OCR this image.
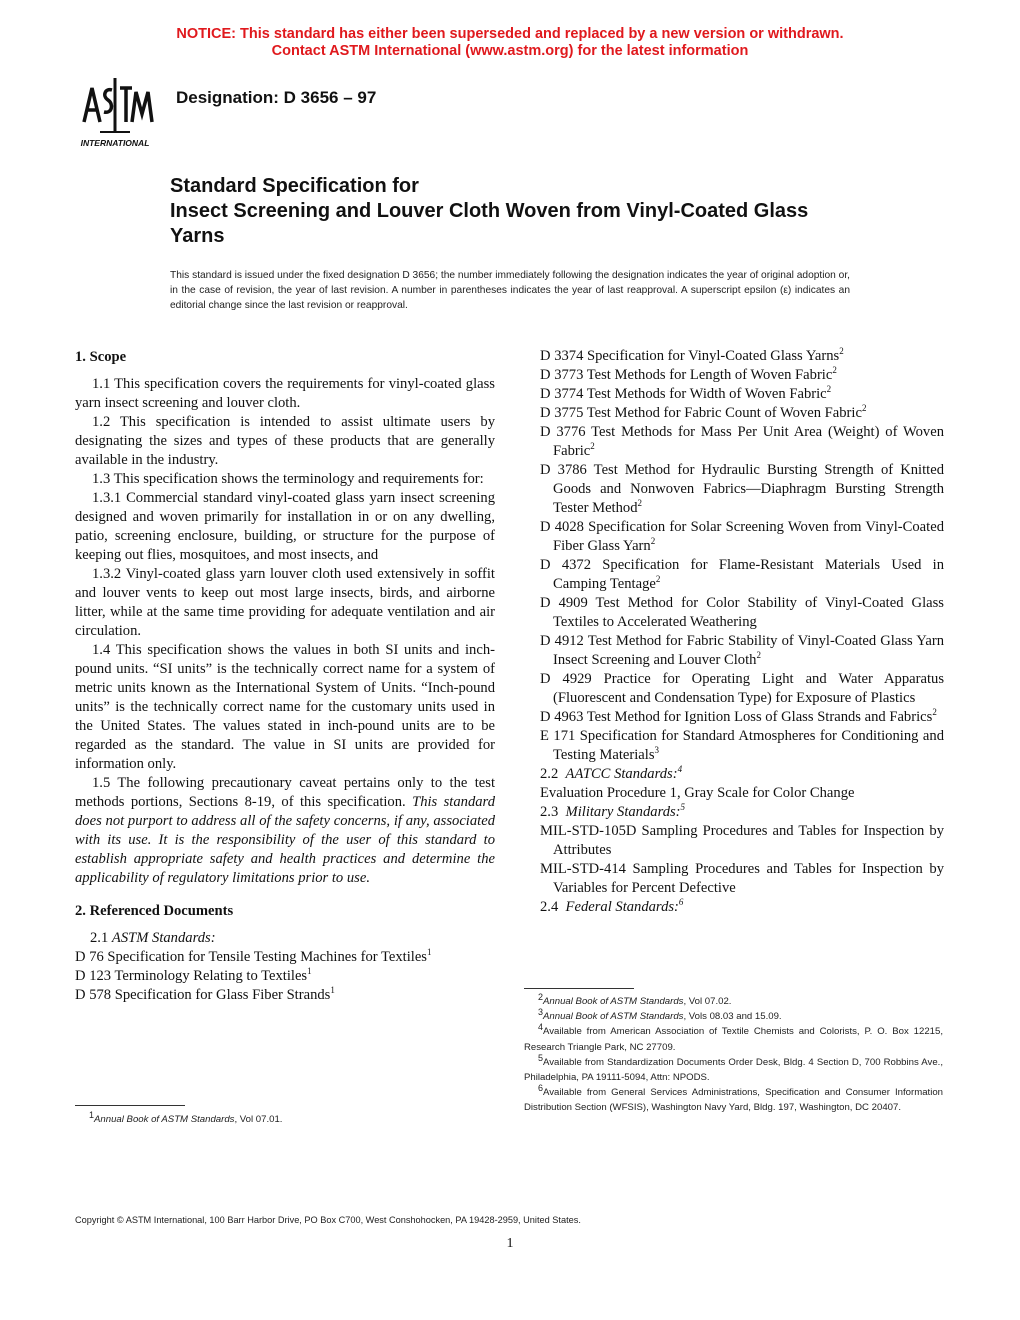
NOTICE: This standard has either been superseded and replaced by a new version or withdrawn.
Contact ASTM International (www.astm.org) for the latest information
INTERNATIONAL
ASTM	Designation: D 3656 – 97
Standard Specification for
Insect Screening and Louver Cloth Woven from Vinyl-Coated Glass Yarns
This standard is issued under the fixed designation D 3656; the number immediately following the designation indicates the year of original adoption or, in the case of revision, the year of last revision. A number in parentheses indicates the year of last reapproval. A superscript epsilon (ε) indicates an editorial change since the last revision or reapproval.

1. Scope

1.1 This specification covers the requirements for vinyl-coated glass yarn insect screening and louver cloth.

1.2 This specification is intended to assist ultimate users by designating the sizes and types of these products that are generally available in the industry.

1.3 This specification shows the terminology and requirements for:

1.3.1 Commercial standard vinyl-coated glass yarn insect screening designed and woven primarily for installation in or on any dwelling, patio, screening enclosure, building, or structure for the purpose of keeping out flies, mosquitoes, and most insects, and

1.3.2 Vinyl-coated glass yarn louver cloth used extensively in soffit and louver vents to keep out most large insects, birds, and airborne litter, while at the same time providing for adequate ventilation and air circulation.

1.4 This specification shows the values in both SI units and inch-pound units. “SI units” is the technically correct name for a system of metric units known as the International System of Units. “Inch-pound units” is the technically correct name for the customary units used in the United States. The values stated in inch-pound units are to be regarded as the standard. The value in SI units are provided for information only.

1.5 The following precautionary caveat pertains only to the test methods portions, Sections 8-19, of this specification. This standard does not purport to address all of the safety concerns, if any, associated with its use. It is the responsibility of the user of this standard to establish appropriate safety and health practices and determine the applicability of regulatory limitations prior to use.

2. Referenced Documents

2.1 ASTM Standards:

D 76 Specification for Tensile Testing Machines for Textiles$^1$

D 123 Terminology Relating to Textiles$^1$

D 578 Specification for Glass Fiber Strands$^1$

D 3374 Specification for Vinyl-Coated Glass Yarns$^2$

D 3773 Test Methods for Length of Woven Fabric$^2$

D 3774 Test Methods for Width of Woven Fabric$^2$

D 3775 Test Method for Fabric Count of Woven Fabric$^2$

D 3776 Test Methods for Mass Per Unit Area (Weight) of Woven Fabric$^2$

D 3786 Test Method for Hydraulic Bursting Strength of Knitted Goods and Nonwoven Fabrics—Diaphragm Bursting Strength Tester Method$^2$

D 4028 Specification for Solar Screening Woven from Vinyl-Coated Fiber Glass Yarn$^2$

D 4372 Specification for Flame-Resistant Materials Used in Camping Tentage$^2$

D 4909 Test Method for Color Stability of Vinyl-Coated Glass Textiles to Accelerated Weathering

D 4912 Test Method for Fabric Stability of Vinyl-Coated Glass Yarn Insect Screening and Louver Cloth$^2$

D 4929 Practice for Operating Light and Water Apparatus (Fluorescent and Condensation Type) for Exposure of Plastics

D 4963 Test Method for Ignition Loss of Glass Strands and Fabrics$^2$

E 171 Specification for Standard Atmospheres for Conditioning and Testing Materials$^3$

2.2 AATCC Standards:$^4$

Evaluation Procedure 1, Gray Scale for Color Change

2.3 Military Standards:$^5$

MIL-STD-105D Sampling Procedures and Tables for Inspection by Attributes

MIL-STD-414 Sampling Procedures and Tables for Inspection by Variables for Percent Defective

2.4 Federal Standards:$^6$

$^1$Annual Book of ASTM Standards, Vol 07.01.

$^2$Annual Book of ASTM Standards, Vol 07.02.

$^3$Annual Book of ASTM Standards, Vols 08.03 and 15.09.

$^4$Available from American Association of Textile Chemists and Colorists, P. O. Box 12215, Research Triangle Park, NC 27709.

$^5$Available from Standardization Documents Order Desk, Bldg. 4 Section D, 700 Robbins Ave., Philadelphia, PA 19111-5094, Attn: NPODS.

$^6$Available from General Services Administrations, Specification and Consumer Information Distribution Section (WFSIS), Washington Navy Yard, Bldg. 197, Washington, DC 20407.

Copyright © ASTM International, 100 Barr Harbor Drive, PO Box C700, West Conshohocken, PA 19428-2959, United States.
1
